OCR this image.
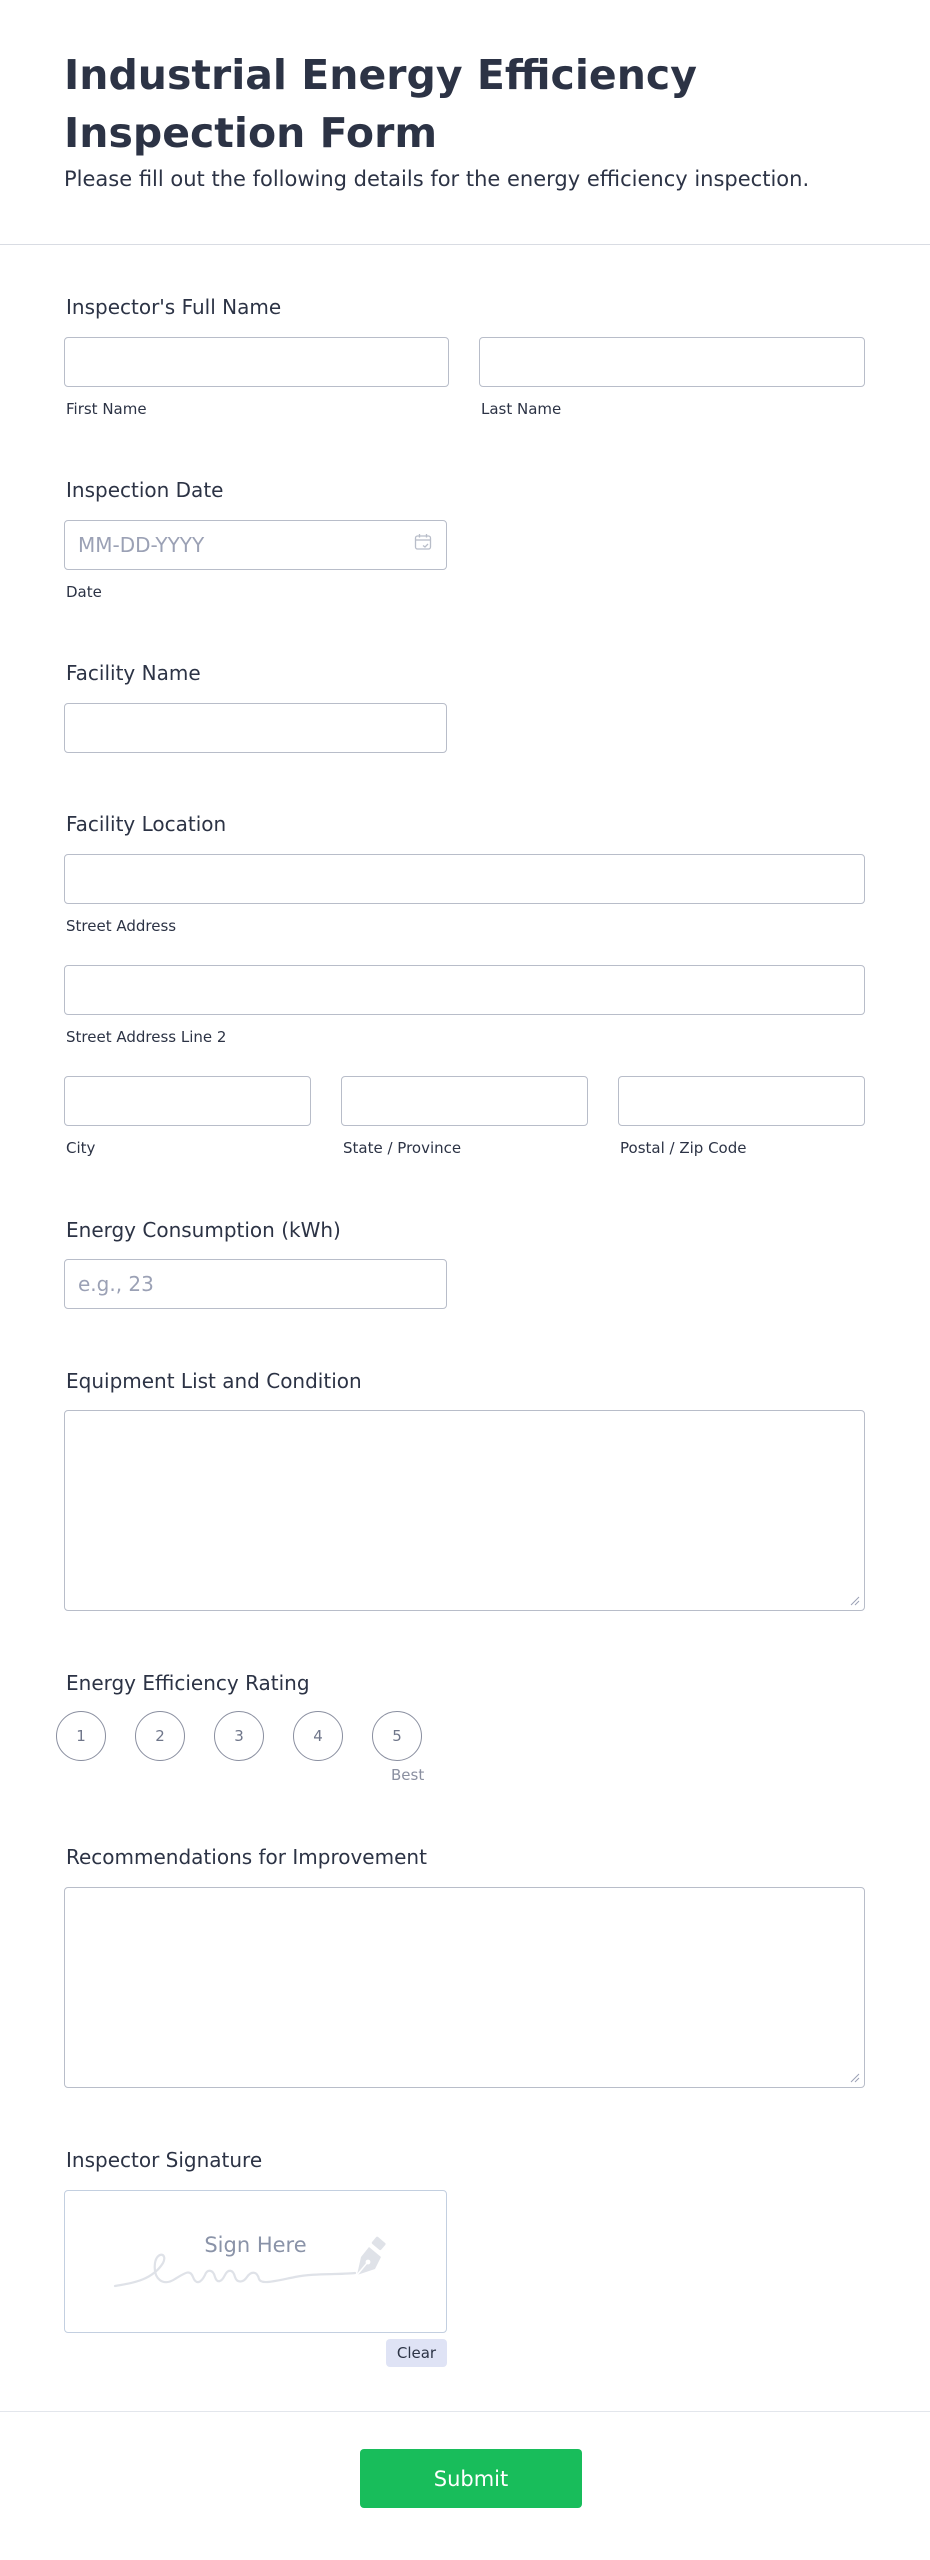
Industrial Energy Efficiency Inspection Form

Please fill out the following details for the energy efficiency inspection.

Inspector's Full Name
First Name	Last Name
Inspection Date
MM-DD-YYYY
Date
Facility Name
Facility Location
Street Address
Street Address Line 2
City	State / Province	Postal / Zip Code
Energy Consumption (kWh)
e.g., 23
Equipment List and Condition
Energy Efficiency Rating
1	2	3	4	5
Best
Recommendations for Improvement
Inspector Signature
Sign Here
Clear
Submit
